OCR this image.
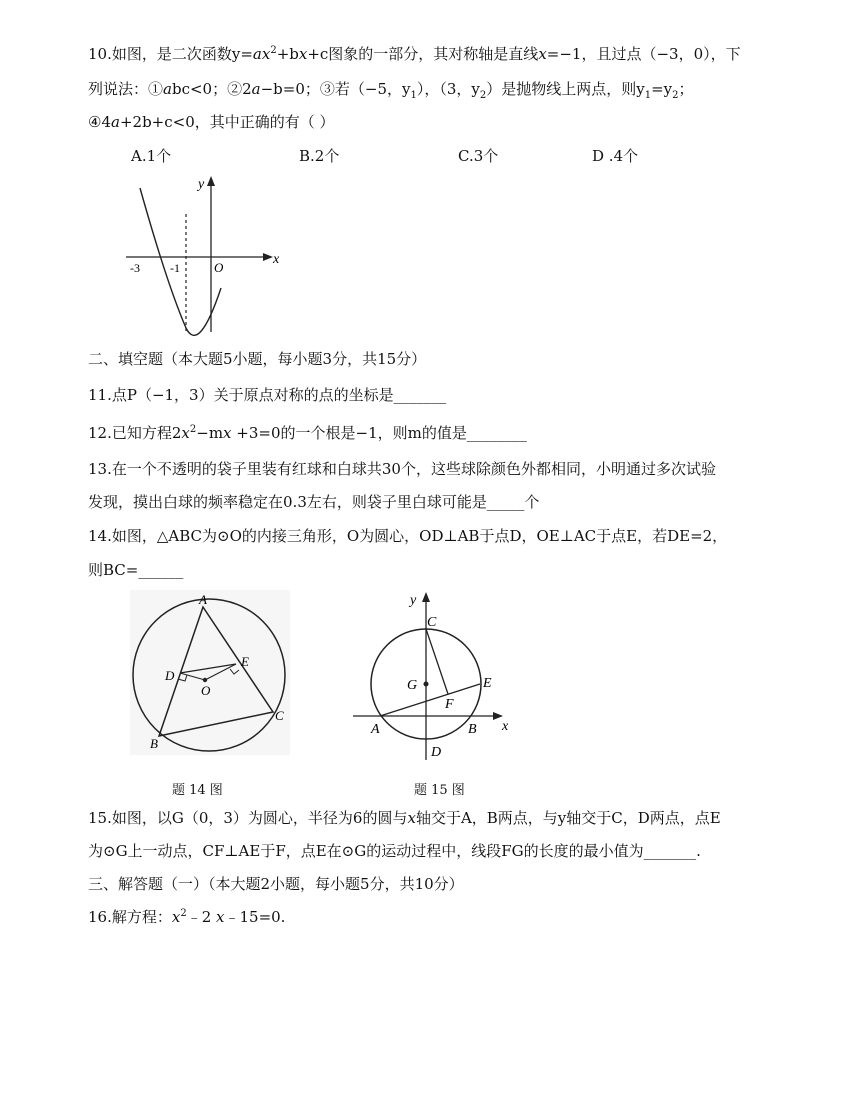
10.如图，是二次函数$y=ax^2+bx+c$图象的一部分，其对称轴是直线x=−1，且过点（−3，0），下
列说法：①abc<0；②2a−b=0；③若（−5，$y_1$），（3，$y_2$）是抛物线上两点，则$y_1=y_2$；
④4a+2b+c<0，其中正确的有（ ）
A.1个	B.2个	C.3个	D .4个
y
x
-3	-1	O
二、填空题（本大题5小题，每小题3分，共15分）
11.点P（−1，3）关于原点对称的点的坐标是_______
12.已知方程$2x^2-mx +3=0$的一个根是−1，则m的值是________
13.在一个不透明的袋子里装有红球和白球共30个，这些球除颜色外都相同，小明通过多次试验
发现，摸出白球的频率稳定在0.3左右，则袋子里白球可能是_____个
14.如图，△ABC为⊙O的内接三角形，O为圆心，OD⊥AB于点D，OE⊥AC于点E，若DE=2，
则BC=______
A
B
C
D
E
O
题 14 图
y
x
C
G	E
F
A	B
D
题 15 图
15.如图，以G（0，3）为圆心，半径为6的圆与x轴交于A，B两点，与y轴交于C，D两点，点E
为⊙G上一动点，CF⊥AE于F，点E在⊙G的运动过程中，线段FG的长度的最小值为_______.
三、解答题（一）（本大题2小题，每小题5分，共10分）
16.解方程：$x^2﹣2$ x﹣15=0.
